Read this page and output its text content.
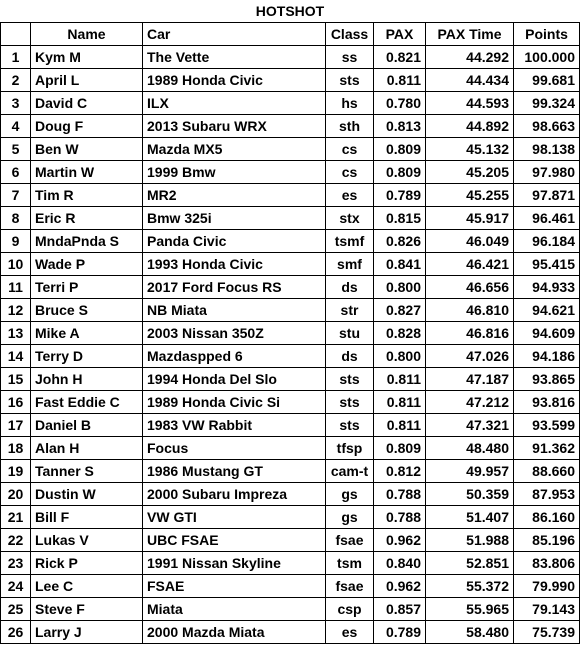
HOTSHOT						
	Name	Car	Class	PAX	PAX Time	Points
1	Kym M	The Vette	ss	0.821	44.292	100.000
2	April L	1989 Honda Civic	sts	0.811	44.434	99.681
3	David C	ILX	hs	0.780	44.593	99.324
4	Doug F	2013 Subaru WRX	sth	0.813	44.892	98.663
5	Ben W	Mazda MX5	cs	0.809	45.132	98.138
6	Martin W	1999 Bmw	cs	0.809	45.205	97.980
7	Tim R	MR2	es	0.789	45.255	97.871
8	Eric R	Bmw 325i	stx	0.815	45.917	96.461
9	MndaPnda S	Panda Civic	tsmf	0.826	46.049	96.184
10	Wade P	1993 Honda Civic	smf	0.841	46.421	95.415
11	Terri P	2017 Ford Focus RS	ds	0.800	46.656	94.933
12	Bruce S	NB Miata	str	0.827	46.810	94.621
13	Mike A	2003 Nissan 350Z	stu	0.828	46.816	94.609
14	Terry D	Mazdaspped 6	ds	0.800	47.026	94.186
15	John H	1994 Honda Del Slo	sts	0.811	47.187	93.865
16	Fast Eddie C	1989 Honda Civic Si	sts	0.811	47.212	93.816
17	Daniel B	1983 VW Rabbit	sts	0.811	47.321	93.599
18	Alan H	Focus	tfsp	0.809	48.480	91.362
19	Tanner S	1986 Mustang GT	cam-t	0.812	49.957	88.660
20	Dustin W	2000 Subaru Impreza	gs	0.788	50.359	87.953
21	Bill F	VW GTI	gs	0.788	51.407	86.160
22	Lukas V	UBC FSAE	fsae	0.962	51.988	85.196
23	Rick P	1991 Nissan Skyline	tsm	0.840	52.851	83.806
24	Lee C	FSAE	fsae	0.962	55.372	79.990
25	Steve F	Miata	csp	0.857	55.965	79.143
26	Larry J	2000 Mazda Miata	es	0.789	58.480	75.739
